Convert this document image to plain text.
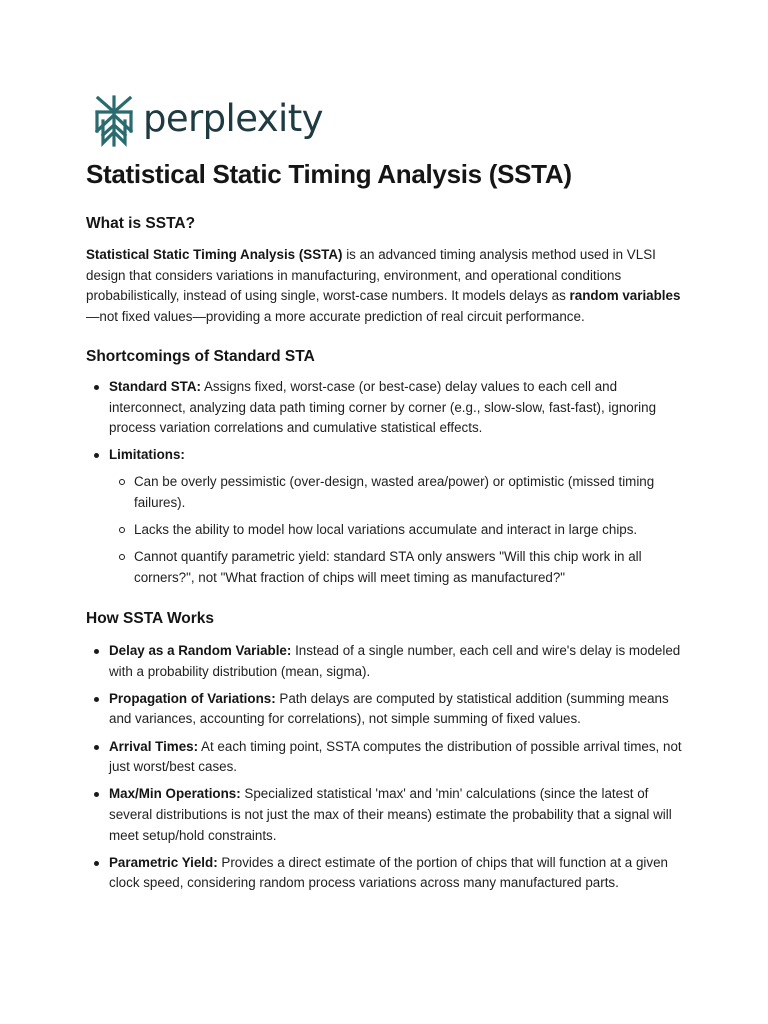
perplexity
Statistical Static Timing Analysis (SSTA)
What is SSTA?

Statistical Static Timing Analysis (SSTA) is an advanced timing analysis method used in VLSI design that considers variations in manufacturing, environment, and operational conditions probabilistically, instead of using single, worst-case numbers. It models delays as random variables—not fixed values—providing a more accurate prediction of real circuit performance.

Shortcomings of Standard STA
Standard STA: Assigns fixed, worst-case (or best-case) delay values to each cell and interconnect, analyzing data path timing corner by corner (e.g., slow-slow, fast-fast), ignoring process variation correlations and cumulative statistical effects.
Limitations:
Can be overly pessimistic (over-design, wasted area/power) or optimistic (missed timing failures).
Lacks the ability to model how local variations accumulate and interact in large chips.
Cannot quantify parametric yield: standard STA only answers "Will this chip work in all corners?", not "What fraction of chips will meet timing as manufactured?"
How SSTA Works
Delay as a Random Variable: Instead of a single number, each cell and wire's delay is modeled with a probability distribution (mean, sigma).
Propagation of Variations: Path delays are computed by statistical addition (summing means and variances, accounting for correlations), not simple summing of fixed values.
Arrival Times: At each timing point, SSTA computes the distribution of possible arrival times, not just worst/best cases.
Max/Min Operations: Specialized statistical 'max' and 'min' calculations (since the latest of several distributions is not just the max of their means) estimate the probability that a signal will meet setup/hold constraints.
Parametric Yield: Provides a direct estimate of the portion of chips that will function at a given clock speed, considering random process variations across many manufactured parts.
